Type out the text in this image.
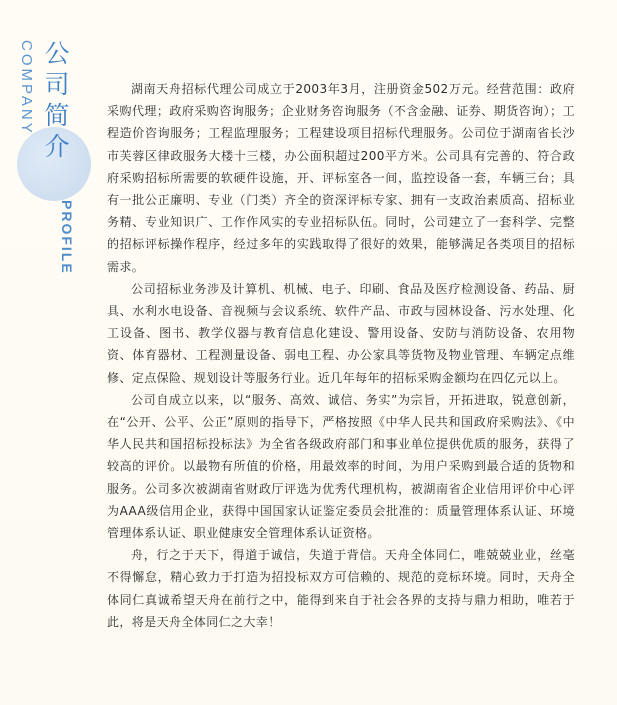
COMPANY 公
司
简
介
PROFILE

湖南天舟招标代理公司成立于2003年3月，注册资金502万元。经营范围：政府采购代理；政府采购咨询服务；企业财务咨询服务（不含金融、证券、期货咨询）；工程造价咨询服务；工程监理服务；工程建设项目招标代理服务。公司位于湖南省长沙市芙蓉区律政服务大楼十三楼，办公面积超过200平方米。公司具有完善的、符合政府采购招标所需要的软硬件设施，开、评标室各一间，监控设备一套，车辆三台；具有一批公正廉明、专业（门类）齐全的资深评标专家、拥有一支政治素质高、招标业务精、专业知识广、工作作风实的专业招标队伍。同时，公司建立了一套科学、完整的招标评标操作程序，经过多年的实践取得了很好的效果，能够满足各类项目的招标需求。

公司招标业务涉及计算机、机械、电子、印刷、食品及医疗检测设备、药品、厨具、水利水电设备、音视频与会议系统、软件产品、市政与园林设备、污水处理、化工设备、图书、教学仪器与教育信息化建设、警用设备、安防与消防设备、农用物资、体育器材、工程测量设备、弱电工程、办公家具等货物及物业管理、车辆定点维修、定点保险、规划设计等服务行业。近几年每年的招标采购金额均在四亿元以上。

公司自成立以来，以“服务、高效、诚信、务实”为宗旨，开拓进取，锐意创新，在“公开、公平、公正”原则的指导下，严格按照《中华人民共和国政府采购法》、《中华人民共和国招标投标法》为全省各级政府部门和事业单位提供优质的服务，获得了较高的评价。以最物有所值的价格，用最效率的时间，为用户采购到最合适的货物和服务。公司多次被湖南省财政厅评选为优秀代理机构，被湖南省企业信用评价中心评为AAA级信用企业，获得中国国家认证鉴定委员会批准的：质量管理体系认证、环境管理体系认证、职业健康安全管理体系认证资格。

舟，行之于天下，得道于诚信，失道于背信。天舟全体同仁，唯兢兢业业，丝毫不得懈怠，精心致力于打造为招投标双方可信赖的、规范的竞标环境。同时，天舟全体同仁真诚希望天舟在前行之中，能得到来自于社会各界的支持与鼎力相助，唯若于此，将是天舟全体同仁之大幸！
